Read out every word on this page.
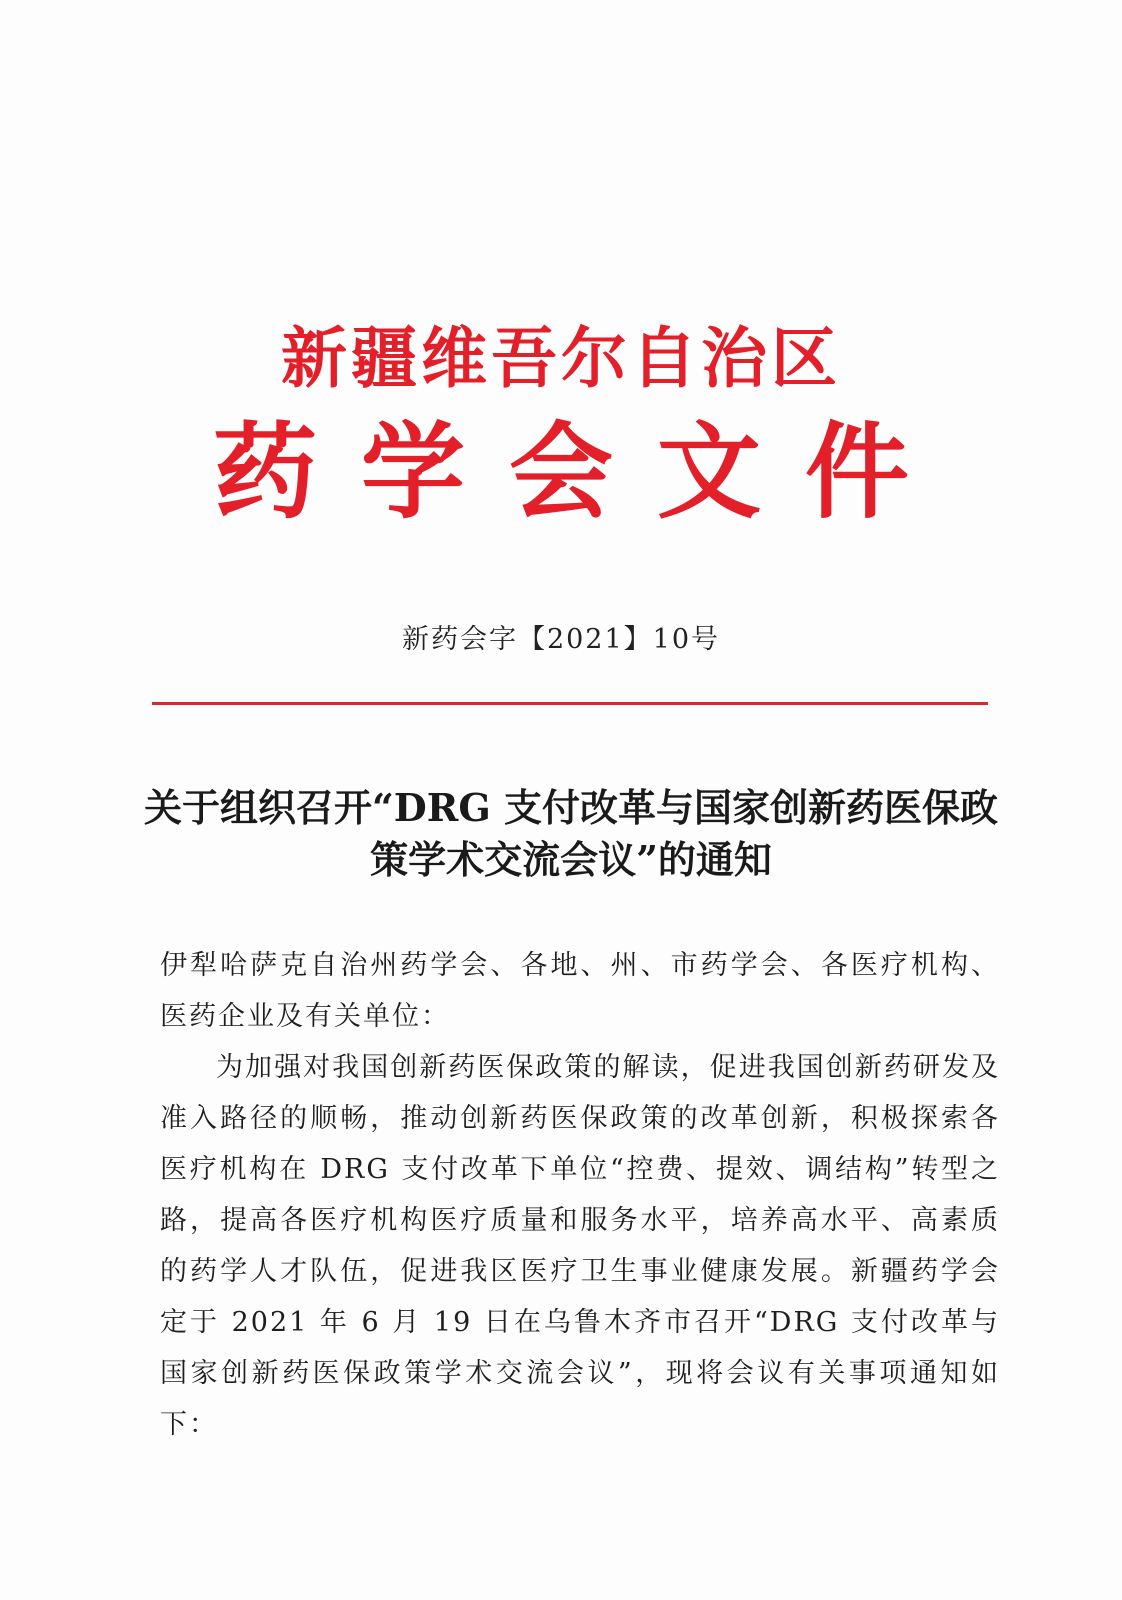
新疆维吾尔自治区
药学会文件
新药会字【2021】10号
关于组织召开“DRG 支付改革与国家创新药医保政策学术交流会议”的通知
伊犁哈萨克自治州药学会、各地、州、市药学会、各医疗机构、医药企业及有关单位：
为加强对我国创新药医保政策的解读，促进我国创新药研发及准入路径的顺畅，推动创新药医保政策的改革创新，积极探索各医疗机构在 DRG 支付改革下单位“控费、提效、调结构”转型之路，提高各医疗机构医疗质量和服务水平，培养高水平、高素质的药学人才队伍，促进我区医疗卫生事业健康发展。新疆药学会定于 2021 年 6 月 19 日在乌鲁木齐市召开“DRG 支付改革与国家创新药医保政策学术交流会议”，现将会议有关事项通知如下：
